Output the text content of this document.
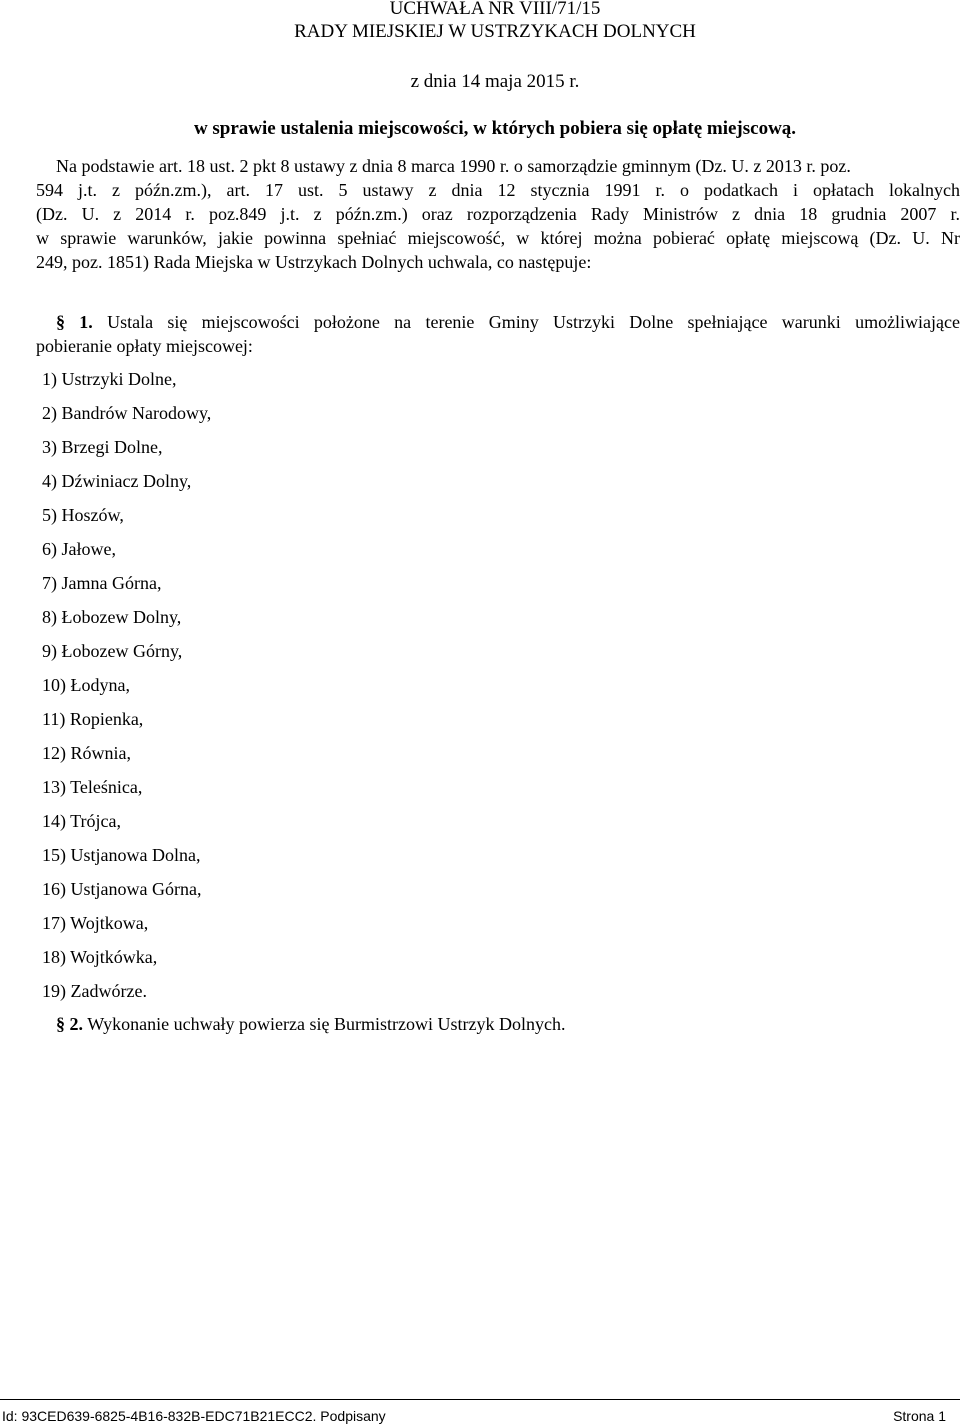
UCHWAŁA NR VIII/71/15
RADY MIEJSKIEJ W USTRZYKACH DOLNYCH
z dnia 14 maja 2015 r.
w sprawie ustalenia miejscowości, w których pobiera się opłatę miejscową.
Na podstawie art. 18 ust. 2 pkt 8 ustawy z dnia 8 marca 1990 r. o samorządzie gminnym (Dz. U. z 2013 r. poz.
594 j.t. z późn.zm.), art. 17 ust. 5 ustawy z dnia 12 stycznia 1991 r. o podatkach i opłatach lokalnych
(Dz. U. z 2014 r. poz.849 j.t. z późn.zm.) oraz rozporządzenia Rady Ministrów z dnia 18 grudnia 2007 r.
w sprawie warunków, jakie powinna spełniać miejscowość, w której można pobierać opłatę miejscową (Dz. U. Nr
249, poz. 1851) Rada Miejska w Ustrzykach Dolnych uchwala, co następuje:
§ 1. Ustala się miejscowości położone na terenie Gminy Ustrzyki Dolne spełniające warunki umożliwiające
pobieranie opłaty miejscowej:
1) Ustrzyki Dolne,
2) Bandrów Narodowy,
3) Brzegi Dolne,
4) Dźwiniacz Dolny,
5) Hoszów,
6) Jałowe,
7) Jamna Górna,
8) Łobozew Dolny,
9) Łobozew Górny,
10) Łodyna,
11) Ropienka,
12) Równia,
13) Teleśnica,
14) Trójca,
15) Ustjanowa Dolna,
16) Ustjanowa Górna,
17) Wojtkowa,
18) Wojtkówka,
19) Zadwórze.
§ 2. Wykonanie uchwały powierza się Burmistrzowi Ustrzyk Dolnych.
Id: 93CED639-6825-4B16-832B-EDC71B21ECC2. Podpisany	Strona 1
